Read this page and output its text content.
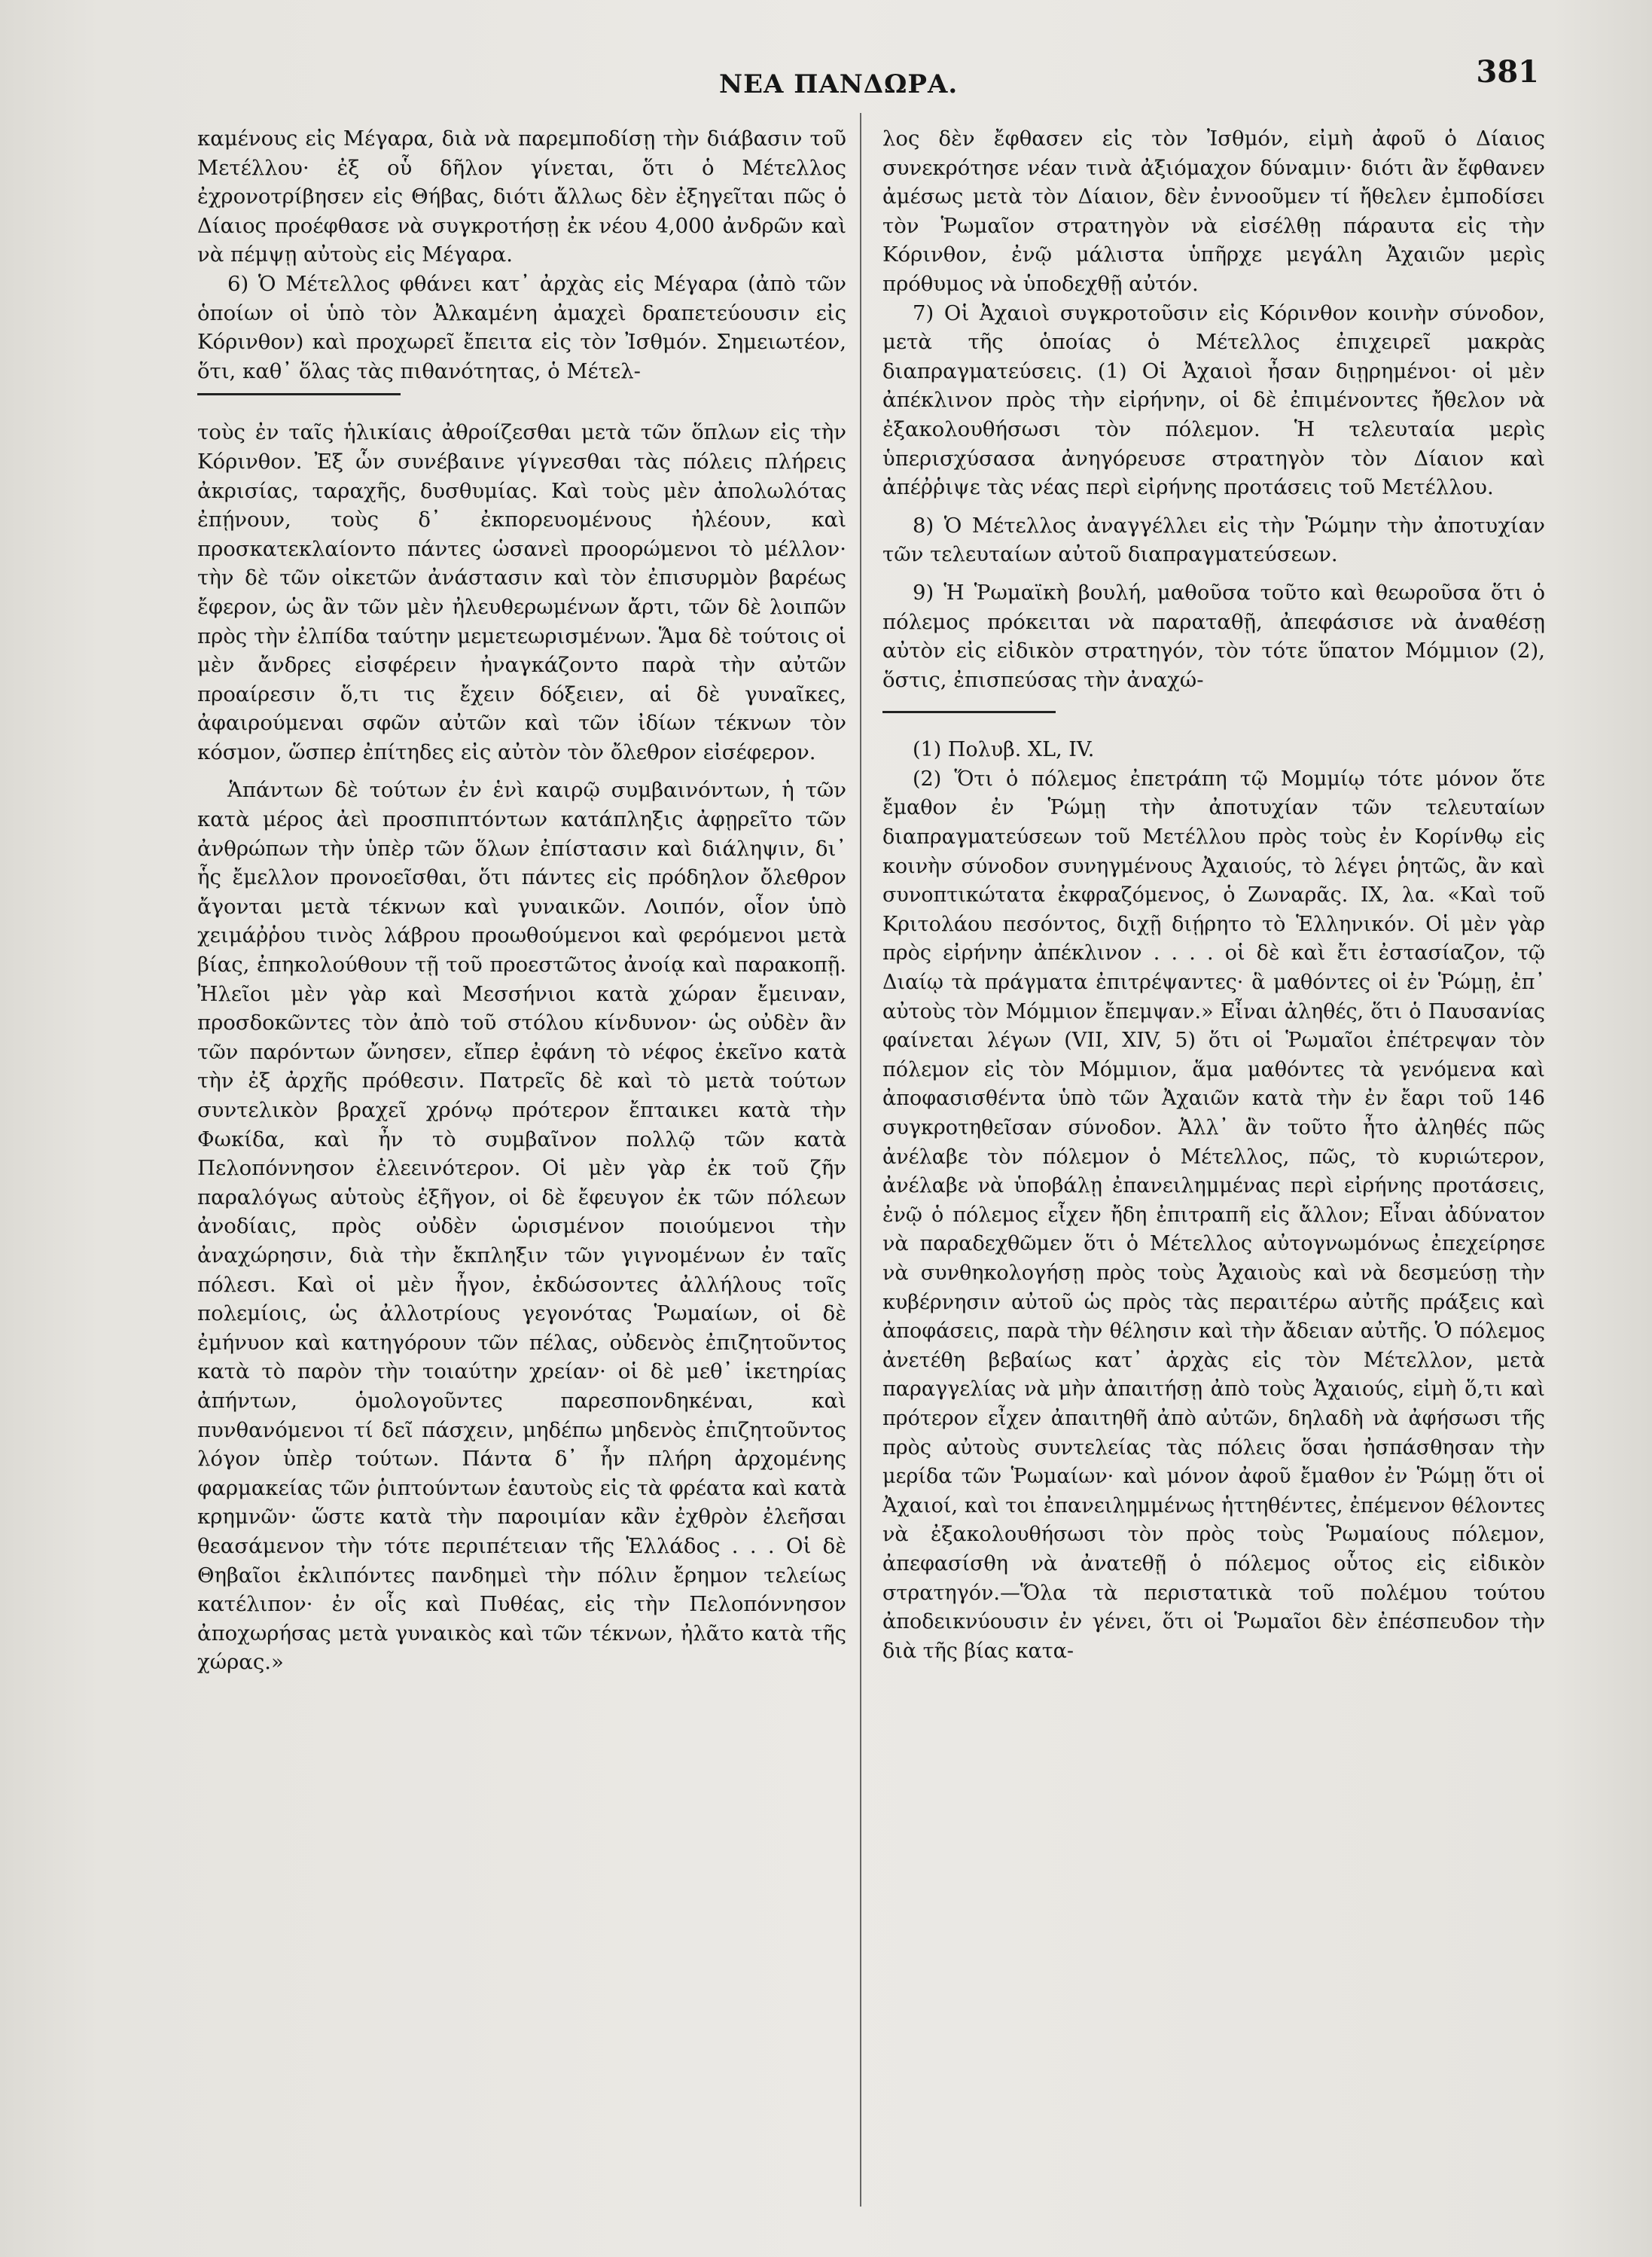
ΝΕΑ ΠΑΝΔΩΡΑ.	381

καμένους εἰς Μέγαρα, διὰ νὰ παρεμποδίσῃ τὴν διάβασιν τοῦ Μετέλλου· ἐξ οὗ δῆλον γίνεται, ὅτι ὁ Μέτελλος ἐχρονοτρίβησεν εἰς Θήβας, διότι ἄλλως δὲν ἐξηγεῖται πῶς ὁ Δίαιος προέφθασε νὰ συγκροτήσῃ ἐκ νέου 4,000 ἀνδρῶν καὶ νὰ πέμψῃ αὐτοὺς εἰς Μέγαρα.

6) Ὁ Μέτελλος φθάνει κατ᾽ ἀρχὰς εἰς Μέγαρα (ἀπὸ τῶν ὁποίων οἱ ὑπὸ τὸν Ἀλκαμένη ἀμαχεὶ δραπετεύουσιν εἰς Κόρινθον) καὶ προχωρεῖ ἔπειτα εἰς τὸν Ἰσθμόν. Σημειωτέον, ὅτι, καθ᾽ ὅλας τὰς πιθανότητας, ὁ Μέτελ-

τοὺς ἐν ταῖς ἡλικίαις ἀθροίζεσθαι μετὰ τῶν ὅπλων εἰς τὴν Κόρινθον. Ἐξ ὧν συνέβαινε γίγνεσθαι τὰς πόλεις πλήρεις ἀκρισίας, ταραχῆς, δυσθυμίας. Καὶ τοὺς μὲν ἀπολωλότας ἐπῄνουν, τοὺς δ᾽ ἐκπορευομένους ἠλέουν, καὶ προσκατεκλαίοντο πάντες ὡσανεὶ προορώμενοι τὸ μέλλον· τὴν δὲ τῶν οἰκετῶν ἀνάστασιν καὶ τὸν ἐπισυρμὸν βαρέως ἔφερον, ὡς ἂν τῶν μὲν ἠλευθερωμένων ἄρτι, τῶν δὲ λοιπῶν πρὸς τὴν ἐλπίδα ταύτην μεμετεωρισμένων. Ἅμα δὲ τούτοις οἱ μὲν ἄνδρες εἰσφέρειν ἠναγκάζοντο παρὰ τὴν αὐτῶν προαίρεσιν ὅ,τι τις ἔχειν δόξειεν, αἱ δὲ γυναῖκες, ἀφαιρούμεναι σφῶν αὐτῶν καὶ τῶν ἰδίων τέκνων τὸν κόσμον, ὥσπερ ἐπίτηδες εἰς αὐτὸν τὸν ὄλεθρον εἰσέφερον.

Ἁπάντων δὲ τούτων ἐν ἑνὶ καιρῷ συμβαινόντων, ἡ τῶν κατὰ μέρος ἀεὶ προσπιπτόντων κατάπληξις ἀφῃρεῖτο τῶν ἀνθρώπων τὴν ὑπὲρ τῶν ὅλων ἐπίστασιν καὶ διάληψιν, δι᾽ ἧς ἔμελλον προνοεῖσθαι, ὅτι πάντες εἰς πρόδηλον ὄλεθρον ἄγονται μετὰ τέκνων καὶ γυναικῶν. Λοιπόν, οἷον ὑπὸ χειμάῤῥου τινὸς λάβρου προωθούμενοι καὶ φερόμενοι μετὰ βίας, ἐπηκολούθουν τῇ τοῦ προεστῶτος ἀνοίᾳ καὶ παρακοπῇ. Ἠλεῖοι μὲν γὰρ καὶ Μεσσήνιοι κατὰ χώραν ἔμειναν, προσδοκῶντες τὸν ἀπὸ τοῦ στόλου κίνδυνον· ὡς οὐδὲν ἂν τῶν παρόντων ὤνησεν, εἴπερ ἐφάνη τὸ νέφος ἐκεῖνο κατὰ τὴν ἐξ ἀρχῆς πρόθεσιν. Πατρεῖς δὲ καὶ τὸ μετὰ τούτων συντελικὸν βραχεῖ χρόνῳ πρότερον ἔπταικει κατὰ τὴν Φωκίδα, καὶ ἦν τὸ συμβαῖνον πολλῷ τῶν κατὰ Πελοπόννησον ἐλεεινότερον. Οἱ μὲν γὰρ ἐκ τοῦ ζῆν παραλόγως αὑτοὺς ἐξῆγον, οἱ δὲ ἔφευγον ἐκ τῶν πόλεων ἀνοδίαις, πρὸς οὐδὲν ὡρισμένον ποιούμενοι τὴν ἀναχώρησιν, διὰ τὴν ἔκπληξιν τῶν γιγνομένων ἐν ταῖς πόλεσι. Καὶ οἱ μὲν ἦγον, ἐκδώσοντες ἀλλήλους τοῖς πολεμίοις, ὡς ἀλλοτρίους γεγονότας Ῥωμαίων, οἱ δὲ ἐμήνυον καὶ κατηγόρουν τῶν πέλας, οὐδενὸς ἐπιζητοῦντος κατὰ τὸ παρὸν τὴν τοιαύτην χρείαν· οἱ δὲ μεθ᾽ ἱκετηρίας ἀπήντων, ὁμολογοῦντες παρεσπονδηκέναι, καὶ πυνθανόμενοι τί δεῖ πάσχειν, μηδέπω μηδενὸς ἐπιζητοῦντος λόγον ὑπὲρ τούτων. Πάντα δ᾽ ἦν πλήρη ἀρχομένης φαρμακείας τῶν ῥιπτούντων ἑαυτοὺς εἰς τὰ φρέατα καὶ κατὰ κρημνῶν· ὥστε κατὰ τὴν παροιμίαν κἂν ἐχθρὸν ἐλεῆσαι θεασάμενον τὴν τότε περιπέτειαν τῆς Ἑλλάδος . . . Οἱ δὲ Θηβαῖοι ἐκλιπόντες πανδημεὶ τὴν πόλιν ἔρημον τελείως κατέλιπον· ἐν οἷς καὶ Πυθέας, εἰς τὴν Πελοπόννησον ἀποχωρήσας μετὰ γυναικὸς καὶ τῶν τέκνων, ἠλᾶτο κατὰ τῆς χώρας.»

λος δὲν ἔφθασεν εἰς τὸν Ἰσθμόν, εἰμὴ ἀφοῦ ὁ Δίαιος συνεκρότησε νέαν τινὰ ἀξιόμαχον δύναμιν· διότι ἂν ἔφθανεν ἀμέσως μετὰ τὸν Δίαιον, δὲν ἐννοοῦμεν τί ἤθελεν ἐμποδίσει τὸν Ῥωμαῖον στρατηγὸν νὰ εἰσέλθῃ πάραυτα εἰς τὴν Κόρινθον, ἐνῷ μάλιστα ὑπῆρχε μεγάλη Ἀχαιῶν μερὶς πρόθυμος νὰ ὑποδεχθῇ αὐτόν.

7) Οἱ Ἀχαιοὶ συγκροτοῦσιν εἰς Κόρινθον κοινὴν σύνοδον, μετὰ τῆς ὁποίας ὁ Μέτελλος ἐπιχειρεῖ μακρὰς διαπραγματεύσεις. (1) Οἱ Ἀχαιοὶ ἦσαν διῃρημένοι· οἱ μὲν ἀπέκλινον πρὸς τὴν εἰρήνην, οἱ δὲ ἐπιμένοντες ἤθελον νὰ ἐξακολουθήσωσι τὸν πόλεμον. Ἡ τελευταία μερὶς ὑπερισχύσασα ἀνηγόρευσε στρατηγὸν τὸν Δίαιον καὶ ἀπέῤῥιψε τὰς νέας περὶ εἰρήνης προτάσεις τοῦ Μετέλλου.

8) Ὁ Μέτελλος ἀναγγέλλει εἰς τὴν Ῥώμην τὴν ἀποτυχίαν τῶν τελευταίων αὐτοῦ διαπραγματεύσεων.

9) Ἡ Ῥωμαϊκὴ βουλή, μαθοῦσα τοῦτο καὶ θεωροῦσα ὅτι ὁ πόλεμος πρόκειται νὰ παραταθῇ, ἀπεφάσισε νὰ ἀναθέσῃ αὐτὸν εἰς εἰδικὸν στρατηγόν, τὸν τότε ὕπατον Μόμμιον (2), ὅστις, ἐπισπεύσας τὴν ἀναχώ-

(1) Πολυβ. XL, IV.

(2) Ὅτι ὁ πόλεμος ἐπετράπη τῷ Μομμίῳ τότε μόνον ὅτε ἔμαθον ἐν Ῥώμῃ τὴν ἀποτυχίαν τῶν τελευταίων διαπραγματεύσεων τοῦ Μετέλλου πρὸς τοὺς ἐν Κορίνθῳ εἰς κοινὴν σύνοδον συνηγμένους Ἀχαιούς, τὸ λέγει ῥητῶς, ἂν καὶ συνοπτικώτατα ἐκφραζόμενος, ὁ Ζωναρᾶς. IX, λα. «Καὶ τοῦ Κριτολάου πεσόντος, διχῇ διῄρητο τὸ Ἑλληνικόν. Οἱ μὲν γὰρ πρὸς εἰρήνην ἀπέκλινον . . . . οἱ δὲ καὶ ἔτι ἐστασίαζον, τῷ Διαίῳ τὰ πράγματα ἐπιτρέψαντες· ἃ μαθόντες οἱ ἐν Ῥώμῃ, ἐπ᾽ αὐτοὺς τὸν Μόμμιον ἔπεμψαν.» Εἶναι ἀληθές, ὅτι ὁ Παυσανίας φαίνεται λέγων (VII, XIV, 5) ὅτι οἱ Ῥωμαῖοι ἐπέτρεψαν τὸν πόλεμον εἰς τὸν Μόμμιον, ἅμα μαθόντες τὰ γενόμενα καὶ ἀποφασισθέντα ὑπὸ τῶν Ἀχαιῶν κατὰ τὴν ἐν ἔαρι τοῦ 146 συγκροτηθεῖσαν σύνοδον. Ἀλλ᾽ ἂν τοῦτο ἦτο ἀληθές πῶς ἀνέλαβε τὸν πόλεμον ὁ Μέτελλος, πῶς, τὸ κυριώτερον, ἀνέλαβε νὰ ὑποβάλῃ ἐπανειλημμένας περὶ εἰρήνης προτάσεις, ἐνῷ ὁ πόλεμος εἶχεν ἤδη ἐπιτραπῆ εἰς ἄλλον; Εἶναι ἀδύνατον νὰ παραδεχθῶμεν ὅτι ὁ Μέτελλος αὐτογνωμόνως ἐπεχείρησε νὰ συνθηκολογήσῃ πρὸς τοὺς Ἀχαιοὺς καὶ νὰ δεσμεύσῃ τὴν κυβέρνησιν αὐτοῦ ὡς πρὸς τὰς περαιτέρω αὐτῆς πράξεις καὶ ἀποφάσεις, παρὰ τὴν θέλησιν καὶ τὴν ἄδειαν αὐτῆς. Ὁ πόλεμος ἀνετέθη βεβαίως κατ᾽ ἀρχὰς εἰς τὸν Μέτελλον, μετὰ παραγγελίας νὰ μὴν ἀπαιτήσῃ ἀπὸ τοὺς Ἀχαιούς, εἰμὴ ὅ,τι καὶ πρότερον εἶχεν ἀπαιτηθῆ ἀπὸ αὐτῶν, δηλαδὴ νὰ ἀφήσωσι τῆς πρὸς αὐτοὺς συντελείας τὰς πόλεις ὅσαι ἠσπάσθησαν τὴν μερίδα τῶν Ῥωμαίων· καὶ μόνον ἀφοῦ ἔμαθον ἐν Ῥώμῃ ὅτι οἱ Ἀχαιοί, καὶ τοι ἐπανειλημμένως ἡττηθέντες, ἐπέμενον θέλοντες νὰ ἐξακολουθήσωσι τὸν πρὸς τοὺς Ῥωμαίους πόλεμον, ἀπεφασίσθη νὰ ἀνατεθῇ ὁ πόλεμος οὗτος εἰς εἰδικὸν στρατηγόν.—Ὅλα τὰ περιστατικὰ τοῦ πολέμου τούτου ἀποδεικνύουσιν ἐν γένει, ὅτι οἱ Ῥωμαῖοι δὲν ἐπέσπευδον τὴν διὰ τῆς βίας κατα-
